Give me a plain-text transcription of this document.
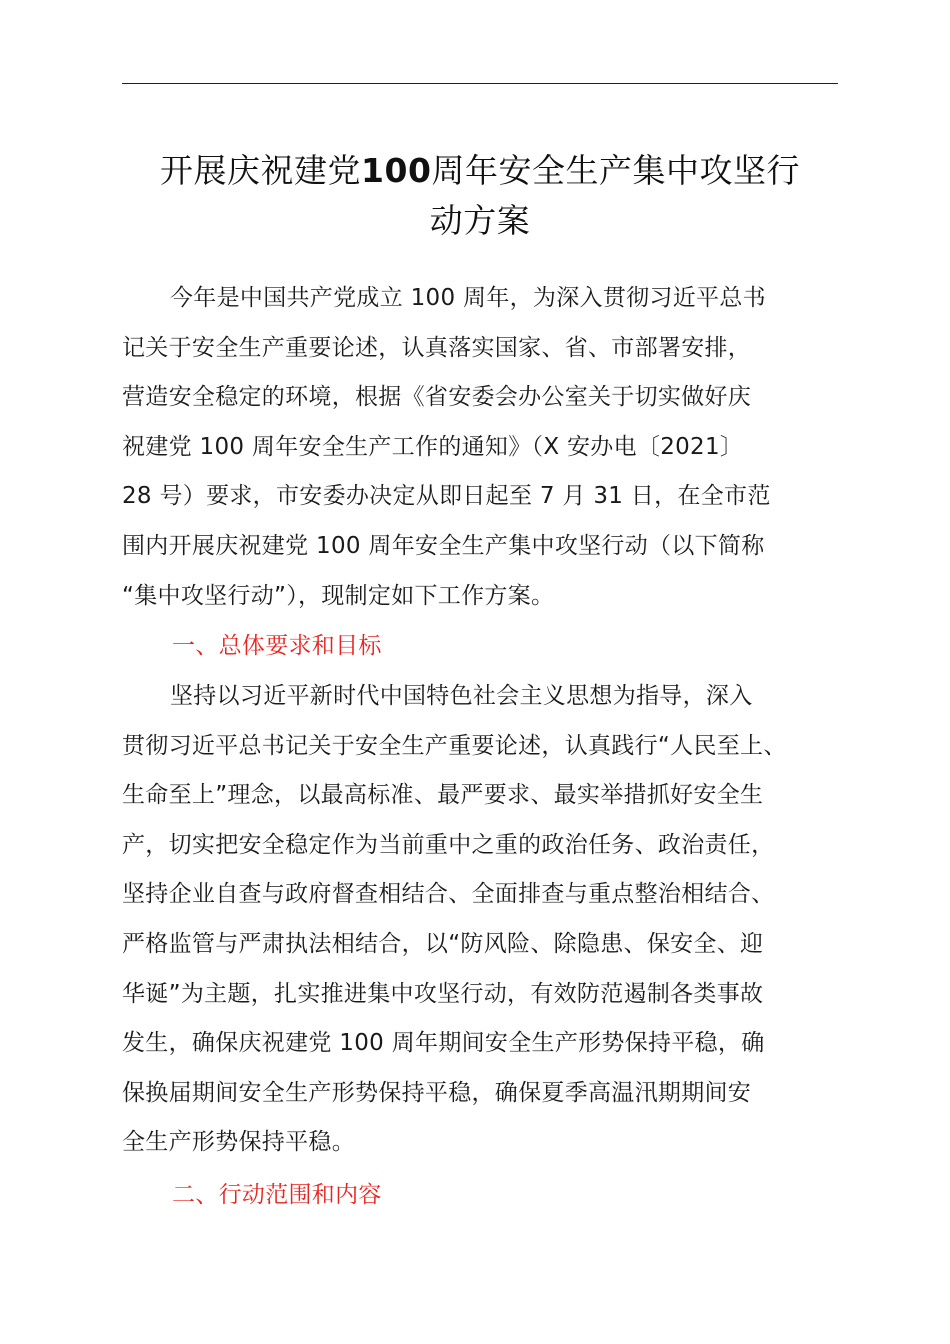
开展庆祝建党100周年安全生产集中攻坚行
动方案
今年是中国共产党成立 100 周年，为深入贯彻习近平总书
记关于安全生产重要论述，认真落实国家、省、市部署安排，
营造安全稳定的环境，根据《省安委会办公室关于切实做好庆
祝建党 100 周年安全生产工作的通知》（X 安办电〔2021〕
28 号）要求，市安委办决定从即日起至 7 月 31 日，在全市范
围内开展庆祝建党 100 周年安全生产集中攻坚行动（以下简称
“集中攻坚行动”），现制定如下工作方案。
一、总体要求和目标
坚持以习近平新时代中国特色社会主义思想为指导，深入
贯彻习近平总书记关于安全生产重要论述，认真践行“人民至上、
生命至上”理念，以最高标准、最严要求、最实举措抓好安全生
产，切实把安全稳定作为当前重中之重的政治任务、政治责任，
坚持企业自查与政府督查相结合、全面排查与重点整治相结合、
严格监管与严肃执法相结合，以“防风险、除隐患、保安全、迎
华诞”为主题，扎实推进集中攻坚行动，有效防范遏制各类事故
发生，确保庆祝建党 100 周年期间安全生产形势保持平稳，确
保换届期间安全生产形势保持平稳，确保夏季高温汛期期间安
全生产形势保持平稳。
二、行动范围和内容
